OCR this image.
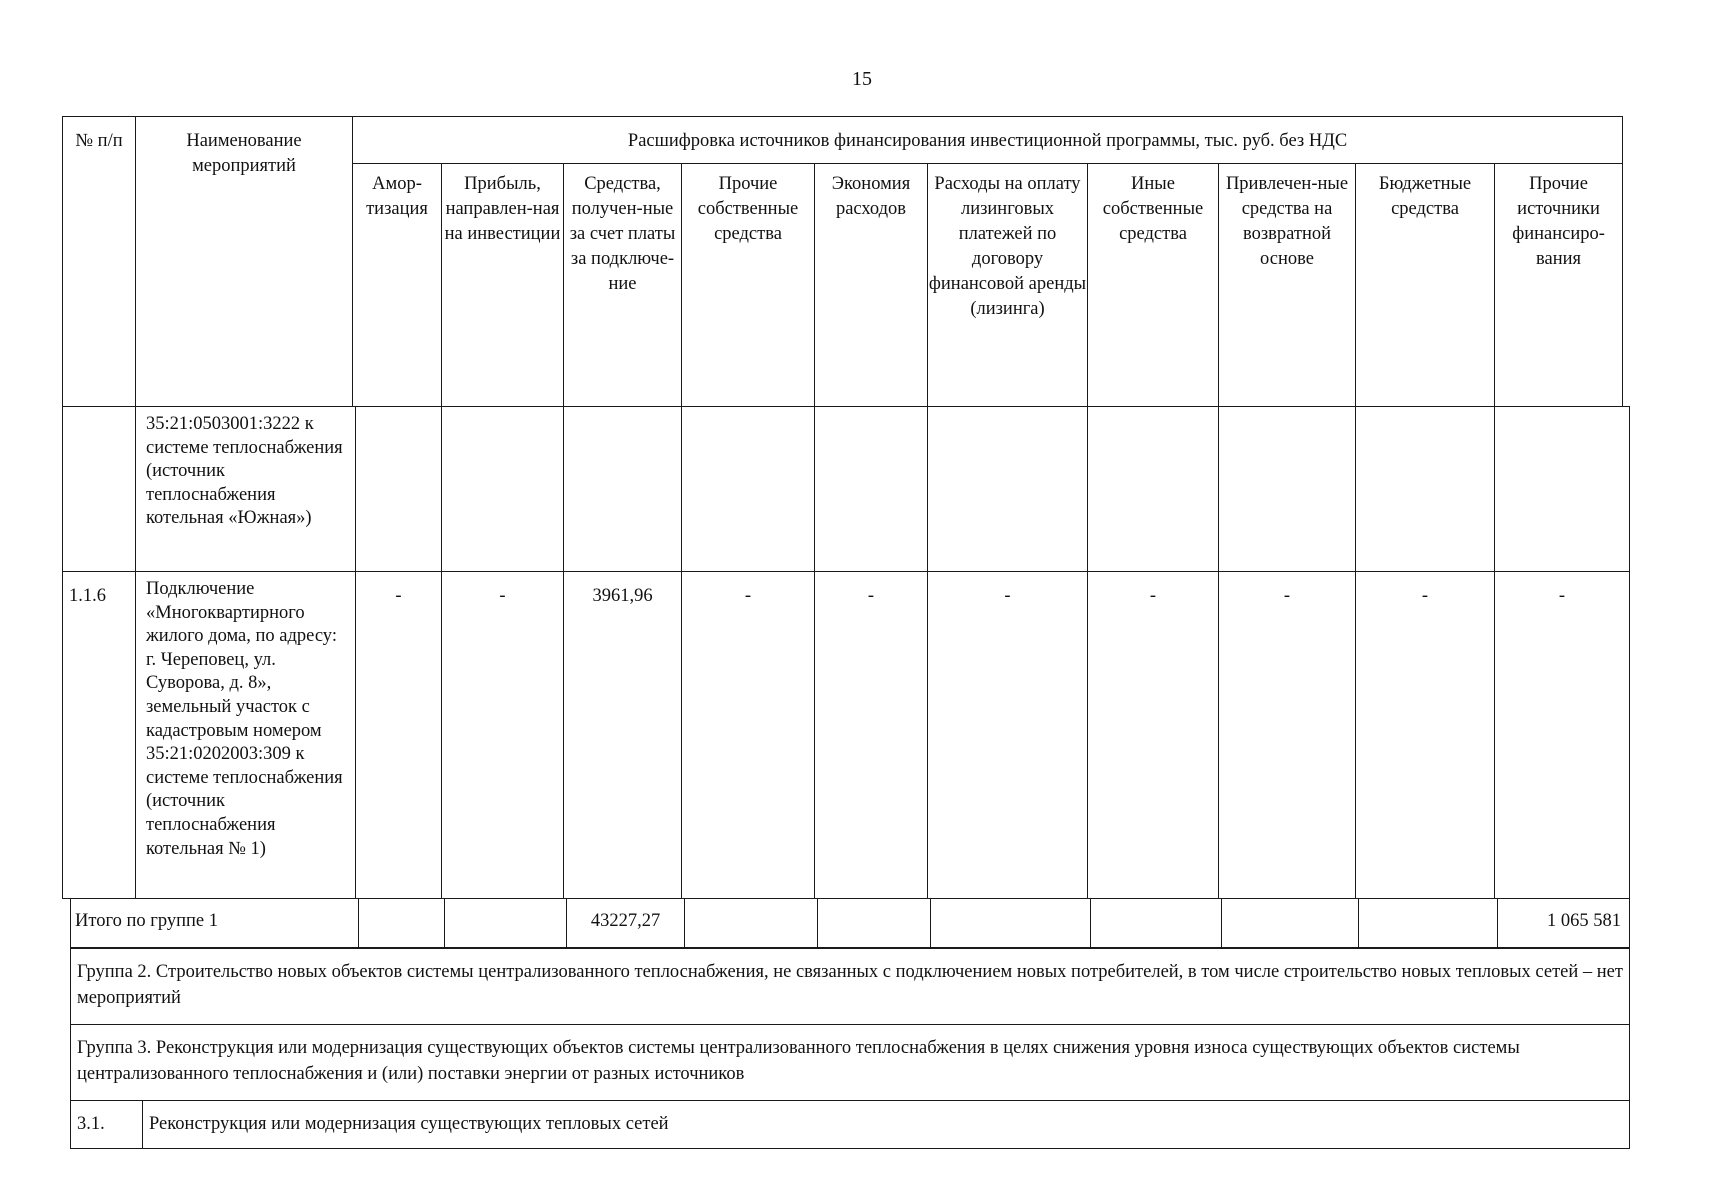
15
№ п/п	Наименование мероприятий	Расшифровка источников финансирования инвестиционной программы, тыс. руб. без НДС									
		Амор-тизация	Прибыль, направлен-ная на инвестиции	Средства, получен-ные за счет платы за подключе-ние	Прочие собственные средства	Экономия расходов	Расходы на оплату лизинговых платежей по договору финансовой аренды (лизинга)	Иные собственные средства	Привлечен-ные средства на возвратной основе	Бюджетные средства	Прочие источники финансиро-вания
	35:21:0503001:3222 к системе теплоснабжения (источник теплоснабжения котельная «Южная»)										
1.1.6	Подключение «Многоквартирного жилого дома, по адресу: г. Череповец, ул. Суворова, д. 8», земельный участок с кадастровым номером 35:21:0202003:309 к системе теплоснабжения (источник теплоснабжения котельная № 1)	-	-	3961,96	-	-	-	-	-	-	-
Итого по группе 1			43227,27							1 065 581
Группа 2. Строительство новых объектов системы централизованного теплоснабжения, не связанных с подключением новых потребителей, в том числе строительство новых тепловых сетей – нет мероприятий
Группа 3. Реконструкция или модернизация существующих объектов системы централизованного теплоснабжения в целях снижения уровня износа существующих объектов системы централизованного теплоснабжения и (или) поставки энергии от разных источников
3.1.	Реконструкция или модернизация существующих тепловых сетей
